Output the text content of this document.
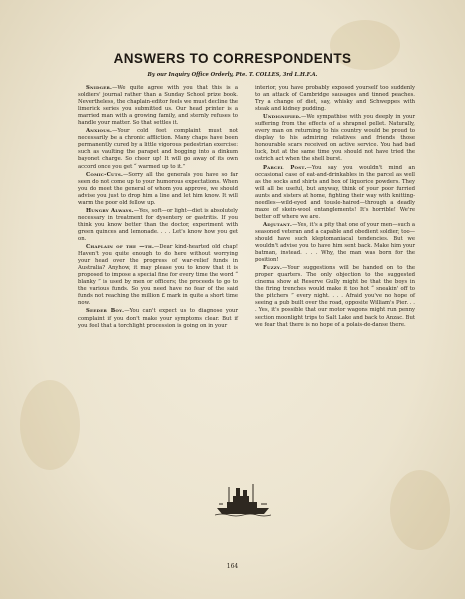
ANSWERS TO CORRESPONDENTS
By our Inquiry Office Orderly, Pte. T. COLLES, 3rd L.H.F.A.

Snidger.—We quite agree with you that this is a soldiers' journal rather than a Sunday School prize book. Nevertheless, the chaplain-editor feels we must decline the limerick series you submitted us. Our head printer is a married man with a growing family, and sternly refuses to handle your matter. So that settles it.

Anxious.—Your cold feet complaint must not necessarily be a chronic affliction. Many chaps have been permanently cured by a little vigorous pedestrian exercise: such as vaulting the parapet and bogging into a dinkum bayonet charge. So cheer up! It will go away of its own accord once you get “ warmed up to it.”

Comic-Cuts.—Sorry all the generals you have so far seen do not come up to your humorous expectations. When you do meet the general of whom you approve, we should advise you just to drop him a line and let him know. It will warm the poor old fellow up.

Hungry Always.—Yes, soft—or light—diet is absolutely necessary in treatment for dysentery or gastritis. If you think you know better than the doctor, experiment with green quinces and lemonade. . . . Let's know how you get on.

Chaplain of the —th.—Dear kind-hearted old chap! Haven't you quite enough to do here without worrying your head over the progress of war-relief funds in Australia? Anyhow, it may please you to know that it is proposed to impose a special fine for every time the word “ blanky ” is used by men or officers; the proceeds to go to the various funds. So you need have no fear of the said funds not reaching the million £ mark in quite a short time now.

Seeder Boy.—You can't expect us to diagnose your complaint if you don't make your symptoms clear. But if you feel that a torchlight procession is going on in your

interior, you have probably exposed yourself too suddenly to an attack of Cambridge sausages and tinned peaches. Try a change of diet, say, whisky and Schweppes with steak and kidney pudding.

Undignified.—We sympathise with you deeply in your suffering from the effects of a shrapnel pellet. Naturally, every man on returning to his country would be proud to display to his admiring relatives and friends those honourable scars received on active service. You had bad luck, but at the same time you should not have tried the ostrich act when the shell burst.

Parcel Post.—You say you wouldn't mind an occasional case of eat-and-drinkables in the parcel as well as the socks and shirts and box of liquorice powders. They will all be useful, but anyway, think of your poor furried aunts and sisters at home, fighting their way with knitting-needles—wild-eyed and tousle-haired—through a deadly maze of skein-wool entanglements! It's horrible! We're better off where we are.

Adjutant.—Yes, it's a pity that one of your men—such a seasoned veteran and a capable and obedient soldier, too—should have such kleptomaniacal tendencies. But we wouldn't advise you to have him sent back. Make him your batman, instead. . . . Why, the man was born for the position!

Fuzzy.—Your suggestions will be handed on to the proper quarters. The only objection to the suggested cinema show at Reserve Gully might be that the boys in the firing trenches would make it too hot “ sneakin' off to the pitchers ” every night. . . . Afraid you've no hope of seeing a pub built over the road, opposite William's Pier. . . . Yes, it's possible that our motor wagons might run penny section moonlight trips to Salt Lake and back to Anzac. But we fear that there is no hope of a polais-de-danse there.

164
